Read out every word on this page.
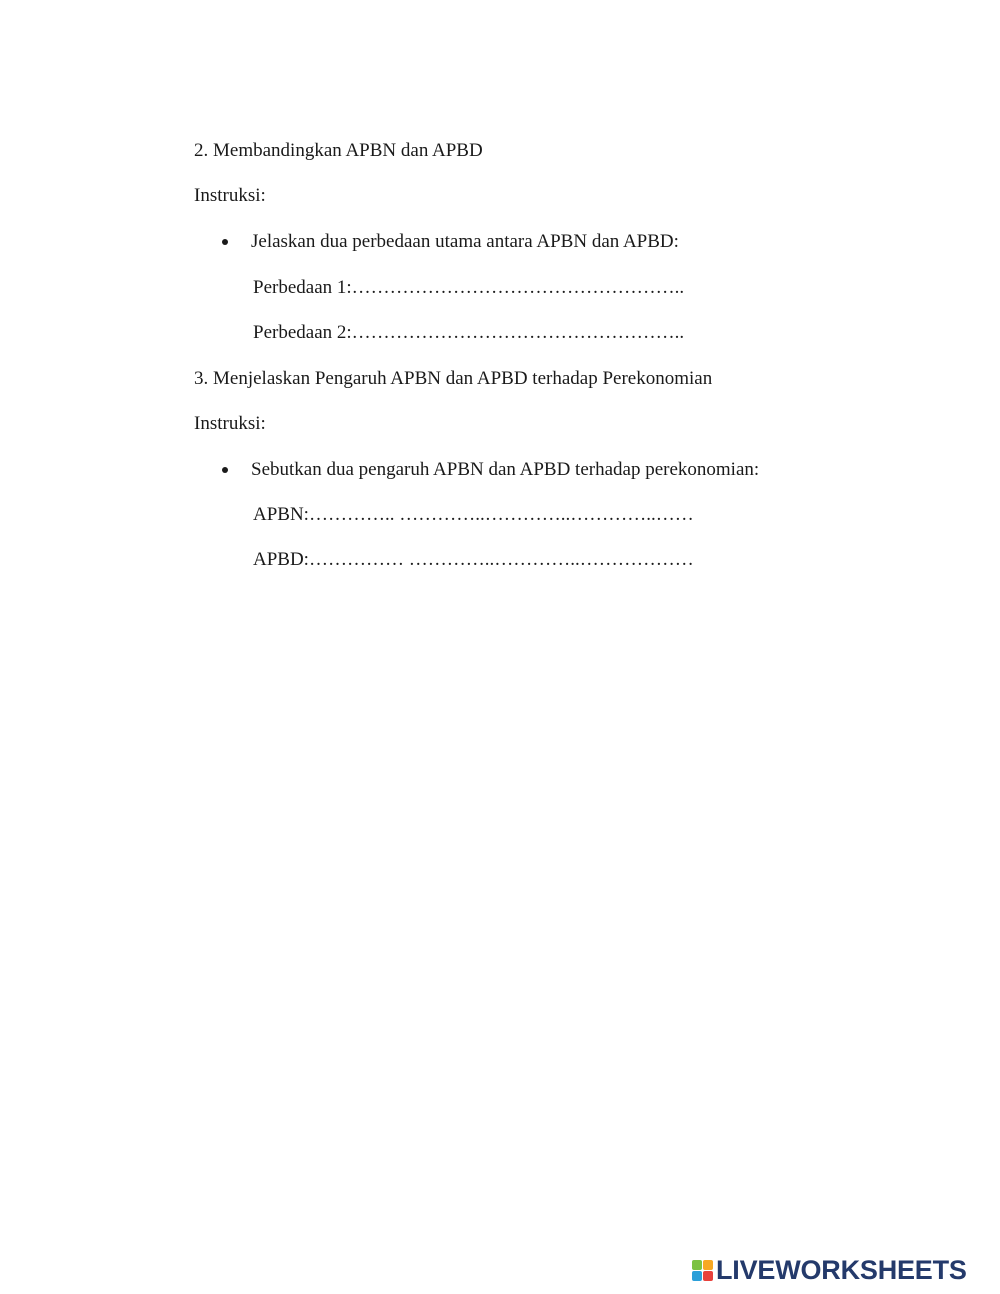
2. Membandingkan APBN dan APBD
Instruksi:
Jelaskan dua perbedaan utama antara APBN dan APBD:
Perbedaan 1:……………………………………………..
Perbedaan 2:……………………………………………..
3. Menjelaskan Pengaruh APBN dan APBD terhadap Perekonomian
Instruksi:
Sebutkan dua pengaruh APBN dan APBD terhadap perekonomian:
APBN:………….. …………..…………..…………..……
APBD:…………… …………..…………..………………
LIVEWORKSHEETS
